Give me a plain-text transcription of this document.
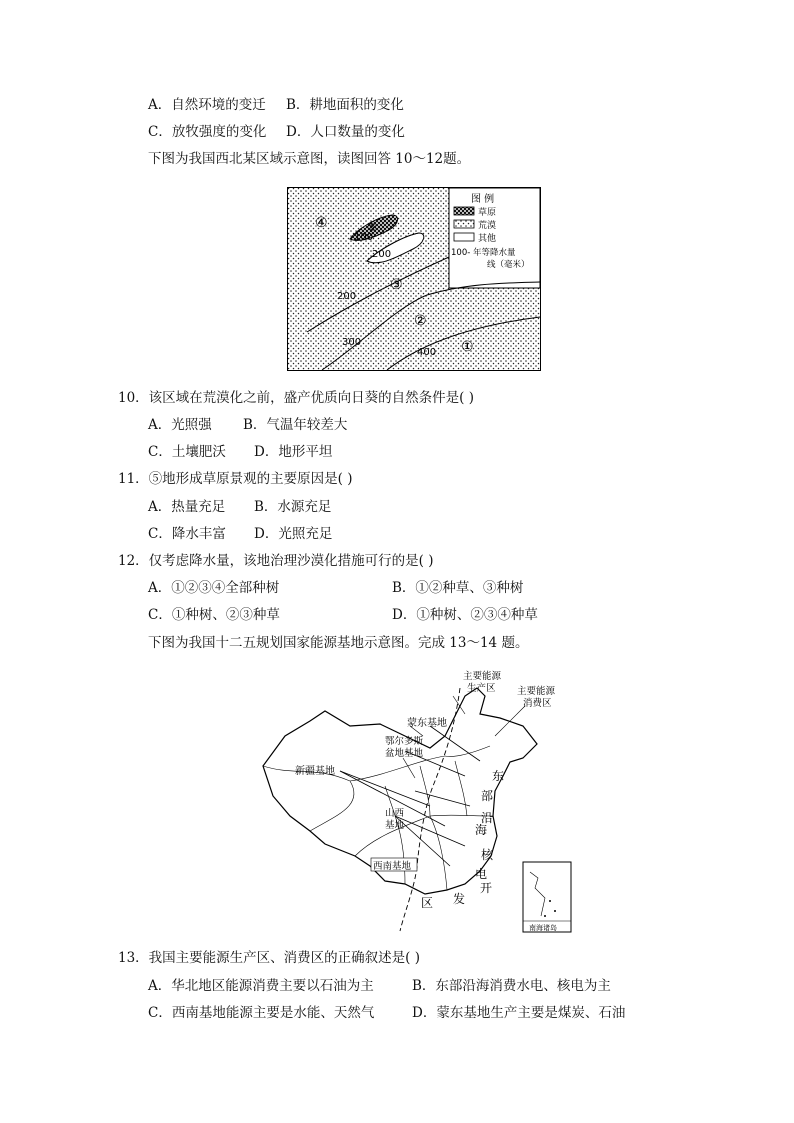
A．自然环境的变迁 B．耕地面积的变化
C．放牧强度的变化 D．人口数量的变化
下图为我国西北某区域示意图，读图回答 10～12题。
100
200
200
300
400
④	⑤
③
②
①
图 例
草原
荒漠
其他
100- 年等降水量
线（毫米）
10．该区域在荒漠化之前，盛产优质向日葵的自然条件是( )
A．光照强 B．气温年较差大
C．土壤肥沃 D．地形平坦
11．⑤地形成草原景观的主要原因是( )
A．热量充足 B．水源充足
C．降水丰富 D．光照充足
12．仅考虑降水量，该地治理沙漠化措施可行的是( )
A．①②③④全部种树	B．①②种草、③种树
C．①种树、②③种草	D．①种树、②③④种草
下图为我国十二五规划国家能源基地示意图。完成 13～14 题。
主要能源
生产区 主要能源
消费区
蒙东基地
鄂尔多斯
盆地基地
新疆基地
山西
基地
西南基地
东
部
沿
海
核
电
开
发
区
南海诸岛
13．我国主要能源生产区、消费区的正确叙述是( )
A．华北地区能源消费主要以石油为主	B．东部沿海消费水电、核电为主
C．西南基地能源主要是水能、天然气	D．蒙东基地生产主要是煤炭、石油
